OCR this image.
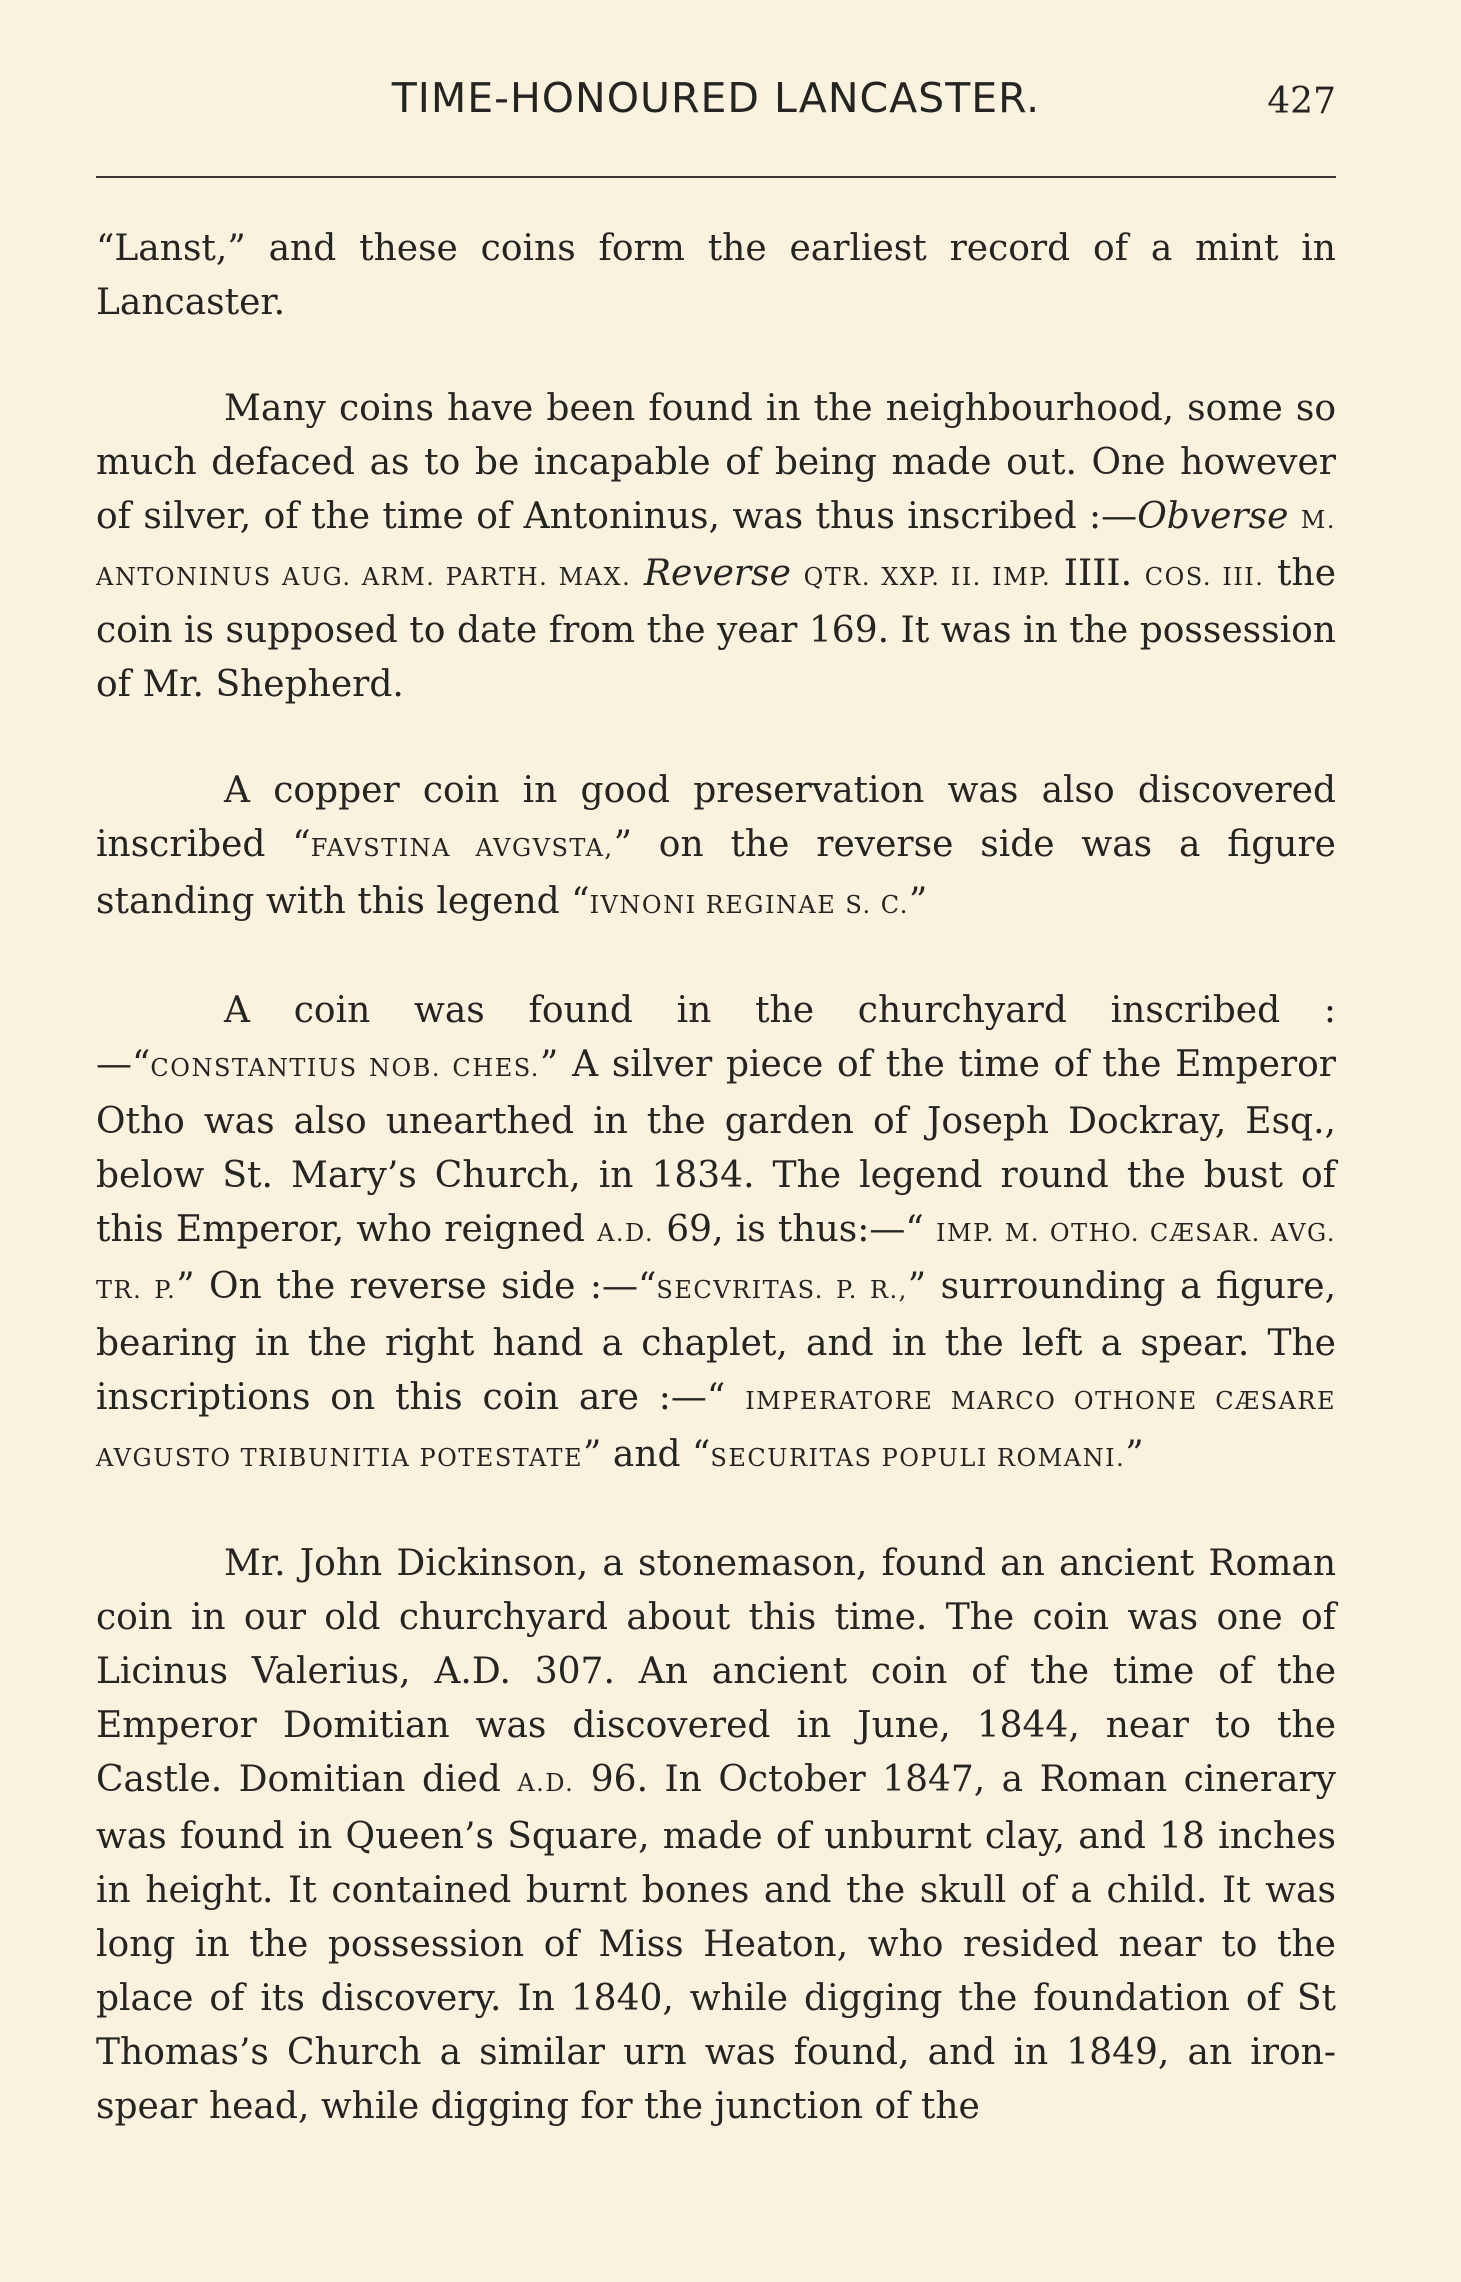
TIME-HONOURED LANCASTER.	427

“Lanst,” and these coins form the earliest record of a mint in Lancaster.

Many coins have been found in the neighbourhood, some so much defaced as to be incapable of being made out. One however of silver, of the time of Antoninus, was thus inscribed :—Obverse M. ANTONINUS AUG. ARM. PARTH. MAX. Reverse QTR. XXP. II. IMP. IIII. COS. III. the coin is supposed to date from the year 169. It was in the possession of Mr. Shepherd.

A copper coin in good preservation was also discovered inscribed “FAVSTINA AVGVSTA,” on the reverse side was a figure standing with this legend “IVNONI REGINAE S. C.”

A coin was found in the churchyard inscribed :—“CONSTANTIUS NOB. CHES.” A silver piece of the time of the Emperor Otho was also unearthed in the garden of Joseph Dockray, Esq., below St. Mary’s Church, in 1834. The legend round the bust of this Emperor, who reigned A.D. 69, is thus:—“ IMP. M. OTHO. CÆSAR. AVG. TR. P.” On the reverse side :—“SECVRITAS. P. R.,” surrounding a figure, bearing in the right hand a chaplet, and in the left a spear. The inscriptions on this coin are :—“ IMPERATORE MARCO OTHONE CÆSARE AVGUSTO TRIBUNITIA POTESTATE” and “SECURITAS POPULI ROMANI.”

Mr. John Dickinson, a stonemason, found an ancient Roman coin in our old churchyard about this time. The coin was one of Licinus Valerius, A.D. 307. An ancient coin of the time of the Emperor Domitian was discovered in June, 1844, near to the Castle. Domitian died A.D. 96. In October 1847, a Roman cinerary was found in Queen’s Square, made of unburnt clay, and 18 inches in height. It contained burnt bones and the skull of a child. It was long in the possession of Miss Heaton, who resided near to the place of its discovery. In 1840, while digging the foundation of St Thomas’s Church a similar urn was found, and in 1849, an iron-spear head, while digging for the junction of the
